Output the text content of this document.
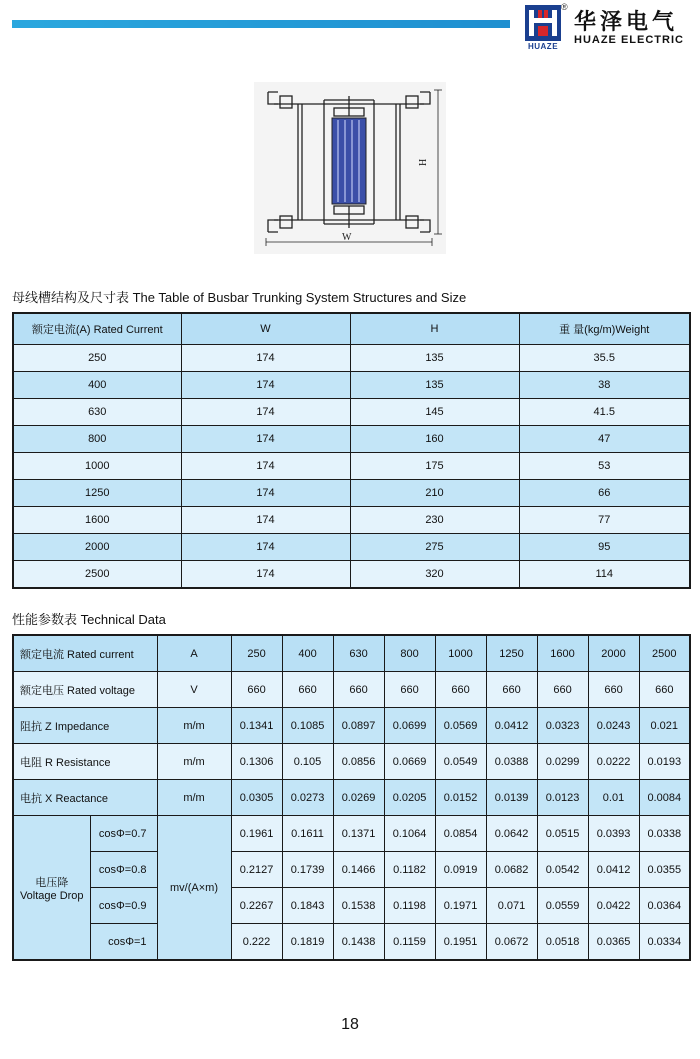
®
HUAZE
华泽电气
HUAZE ELECTRIC
H
W
母线槽结构及尺寸表 The Table of Busbar Trunking System Structures and Size
额定电流(A) Rated Current	W	H	重 量(kg/m)Weight
250	174	135	35.5
400	174	135	38
630	174	145	41.5
800	174	160	47
1000	174	175	53
1250	174	210	66
1600	174	230	77
2000	174	275	95
2500	174	320	114
性能参数表 Technical Data
额定电流 Rated current		A	250	400	630	800	1000	1250	1600	2000	2500
额定电压 Rated voltage		V	660	660	660	660	660	660	660	660	660
阻抗 Z Impedance		m/m	0.1341	0.1085	0.0897	0.0699	0.0569	0.0412	0.0323	0.0243	0.021
电阻 R Resistance		m/m	0.1306	0.105	0.0856	0.0669	0.0549	0.0388	0.0299	0.0222	0.0193
电抗 X Reactance		m/m	0.0305	0.0273	0.0269	0.0205	0.0152	0.0139	0.0123	0.01	0.0084

电压降
Voltage Drop	cosΦ=0.7	mv/(A×m)	0.1961	0.1611	0.1371	0.1064	0.0854	0.0642	0.0515	0.0393	0.0338
	cosΦ=0.8		0.2127	0.1739	0.1466	0.1182	0.0919	0.0682	0.0542	0.0412	0.0355
	cosΦ=0.9		0.2267	0.1843	0.1538	0.1198	0.1971	0.071	0.0559	0.0422	0.0364
	cosΦ=1		0.222	0.1819	0.1438	0.1159	0.1951	0.0672	0.0518	0.0365	0.0334
18
